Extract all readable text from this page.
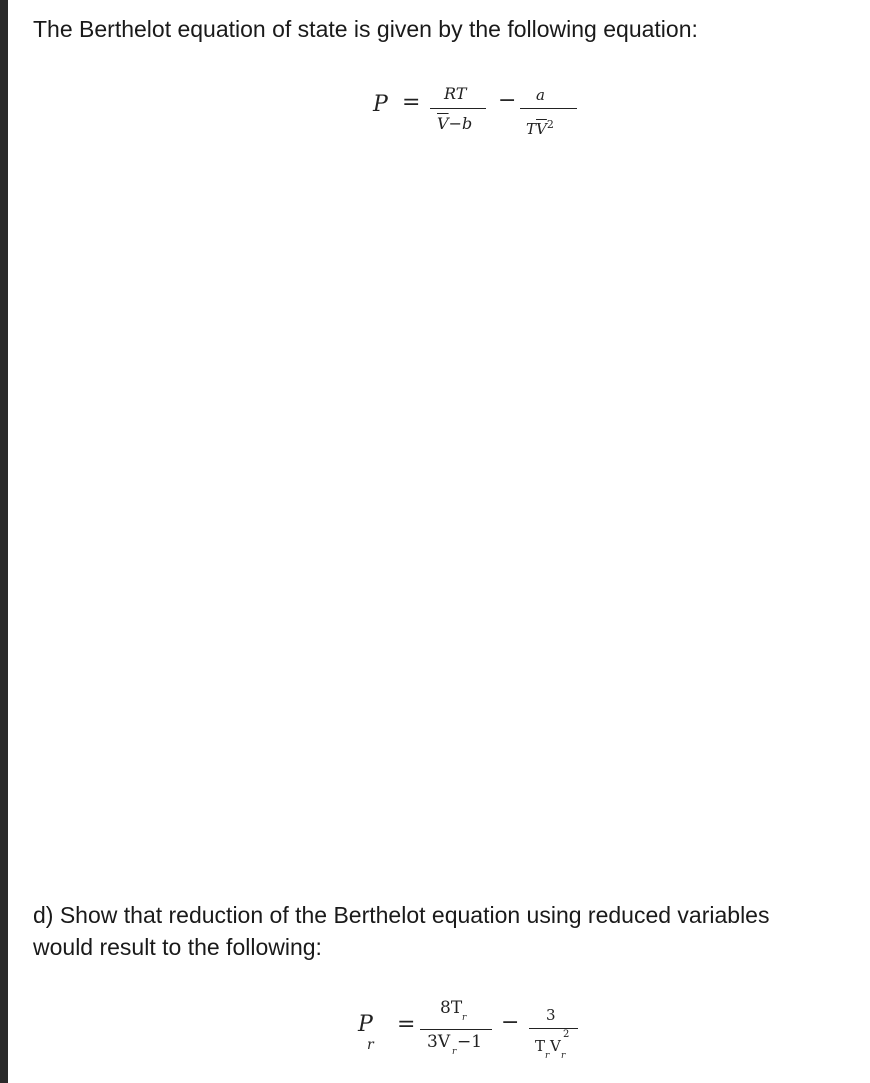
The Berthelot equation of state is given by the following equation:

P = RT
$\overline{V}-b$
− a
$T\overline{V}^2$

d) Show that reduction of the Berthelot equation using reduced variables

would result to the following:

P
r
=
8T r
3V r −1
− 3
T
r
V
r
2
